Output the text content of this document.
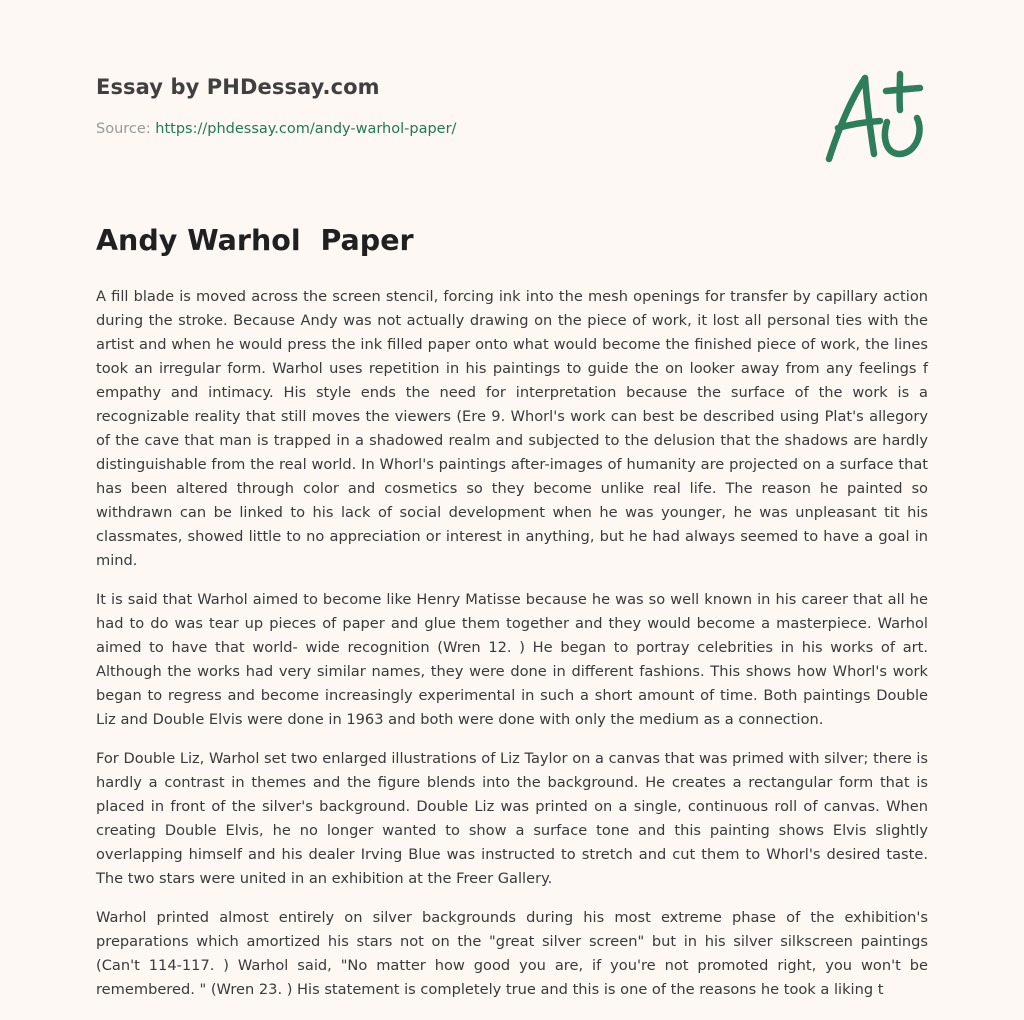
Essay by PHDessay.com
Source: https://phdessay.com/andy-warhol-paper/
Andy Warhol  Paper

A fill blade is moved across the screen stencil, forcing ink into the mesh openings for transfer by capillary action during the stroke. Because Andy was not actually drawing on the piece of work, it lost all personal ties with the artist and when he would press the ink filled paper onto what would become the finished piece of work, the lines took an irregular form. Warhol uses repetition in his paintings to guide the on looker away from any feelings f empathy and intimacy. His style ends the need for interpretation because the surface of the work is a recognizable reality that still moves the viewers (Ere 9. Whorl's work can best be described using Plat's allegory of the cave that man is trapped in a shadowed realm and subjected to the delusion that the shadows are hardly distinguishable from the real world. In Whorl's paintings after-images of humanity are projected on a surface that has been altered through color and cosmetics so they become unlike real life. The reason he painted so withdrawn can be linked to his lack of social development when he was younger, he was unpleasant tit his classmates, showed little to no appreciation or interest in anything, but he had always seemed to have a goal in mind.

It is said that Warhol aimed to become like Henry Matisse because he was so well known in his career that all he had to do was tear up pieces of paper and glue them together and they would become a masterpiece. Warhol aimed to have that world- wide recognition (Wren 12. ) He began to portray celebrities in his works of art. Although the works had very similar names, they were done in different fashions. This shows how Whorl's work began to regress and become increasingly experimental in such a short amount of time. Both paintings Double Liz and Double Elvis were done in 1963 and both were done with only the medium as a connection.

For Double Liz, Warhol set two enlarged illustrations of Liz Taylor on a canvas that was primed with silver; there is hardly a contrast in themes and the figure blends into the background. He creates a rectangular form that is placed in front of the silver's background. Double Liz was printed on a single, continuous roll of canvas. When creating Double Elvis, he no longer wanted to show a surface tone and this painting shows Elvis slightly overlapping himself and his dealer Irving Blue was instructed to stretch and cut them to Whorl's desired taste. The two stars were united in an exhibition at the Freer Gallery.

Warhol printed almost entirely on silver backgrounds during his most extreme phase of the exhibition's preparations which amortized his stars not on the "great silver screen" but in his silver silkscreen paintings (Can't 114-117. ) Warhol said, "No matter how good you are, if you're not promoted right, you won't be remembered. " (Wren 23. ) His statement is completely true and this is one of the reasons he took a liking t
